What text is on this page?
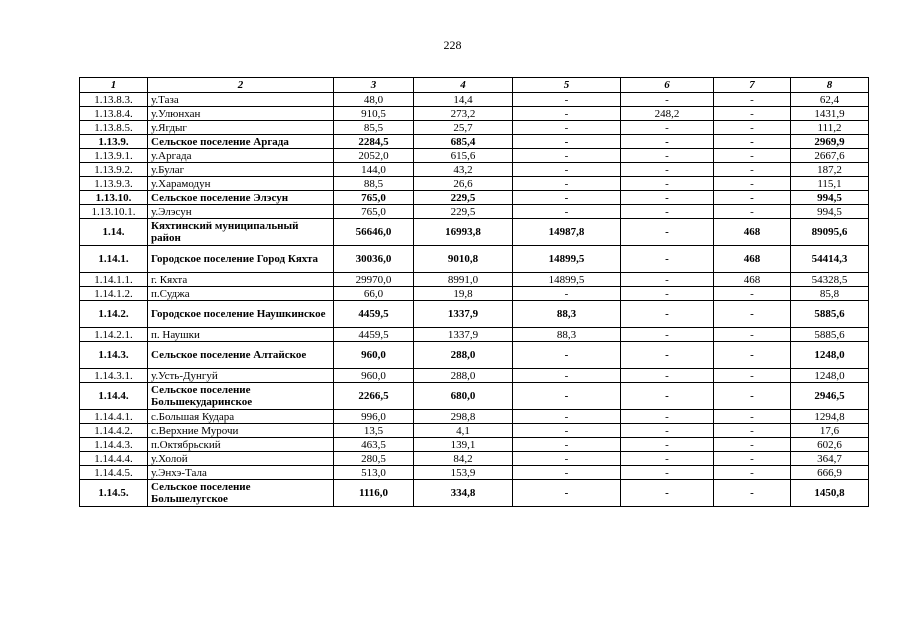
228
1	2	3	4	5	6	7	8
1.13.8.3.	у.Таза	48,0	14,4	-	-	-	62,4
1.13.8.4.	у.Улюнхан	910,5	273,2	-	248,2	-	1431,9
1.13.8.5.	у.Ягдыг	85,5	25,7	-	-	-	111,2
1.13.9.	Сельское поселение Аргада	2284,5	685,4	-	-	-	2969,9
1.13.9.1.	у.Аргада	2052,0	615,6	-	-	-	2667,6
1.13.9.2.	у.Булаг	144,0	43,2	-	-	-	187,2
1.13.9.3.	у.Харамодун	88,5	26,6	-	-	-	115,1
1.13.10.	Сельское поселение Элэсун	765,0	229,5	-	-	-	994,5
1.13.10.1.	у.Элэсун	765,0	229,5	-	-	-	994,5
1.14.	Кяхтинский муниципальный район	56646,0	16993,8	14987,8	-	468	89095,6
1.14.1.	Городское поселение Город Кяхта	30036,0	9010,8	14899,5	-	468	54414,3
1.14.1.1.	г. Кяхта	29970,0	8991,0	14899,5	-	468	54328,5
1.14.1.2.	п.Суджа	66,0	19,8	-	-	-	85,8
1.14.2.	Городское поселение Наушкинское	4459,5	1337,9	88,3	-	-	5885,6
1.14.2.1.	п. Наушки	4459,5	1337,9	88,3	-	-	5885,6
1.14.3.	Сельское поселение Алтайское	960,0	288,0	-	-	-	1248,0
1.14.3.1.	у.Усть-Дунгуй	960,0	288,0	-	-	-	1248,0
1.14.4.	Сельское поселение Большекударинское	2266,5	680,0	-	-	-	2946,5
1.14.4.1.	с.Большая Кудара	996,0	298,8	-	-	-	1294,8
1.14.4.2.	с.Верхние Мурочи	13,5	4,1	-	-	-	17,6
1.14.4.3.	п.Октябрьский	463,5	139,1	-	-	-	602,6
1.14.4.4.	у.Холой	280,5	84,2	-	-	-	364,7
1.14.4.5.	у.Энхэ-Тала	513,0	153,9	-	-	-	666,9
1.14.5.	Сельское поселение Большелугское	1116,0	334,8	-	-	-	1450,8
